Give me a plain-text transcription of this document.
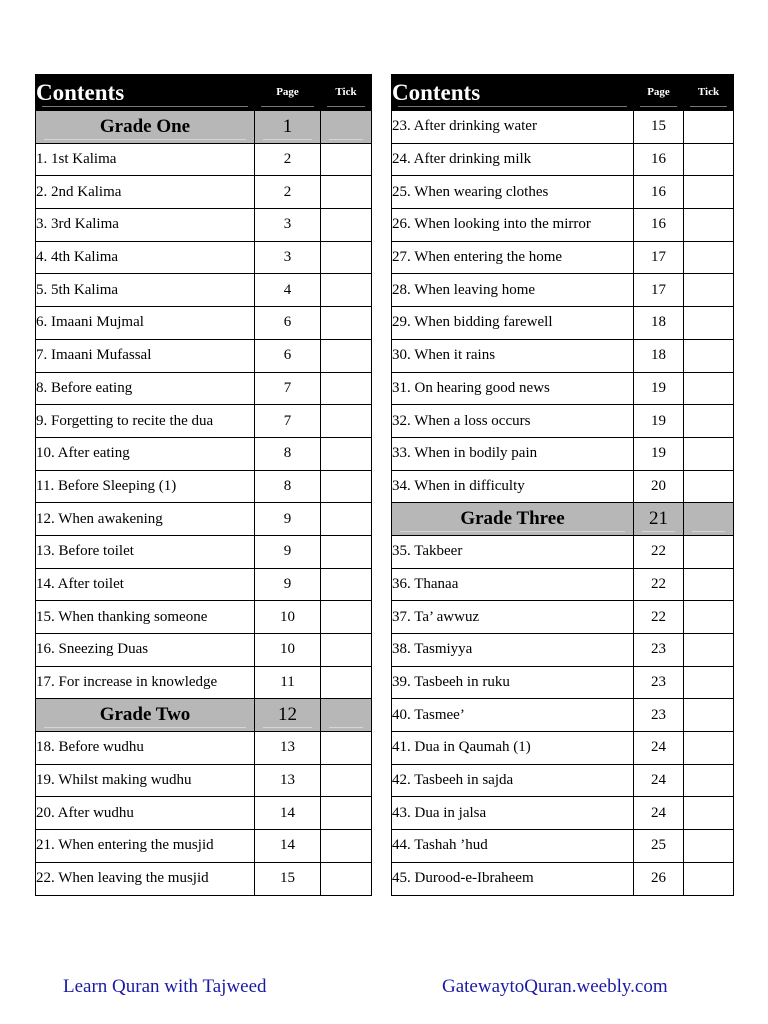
Contents	Page	Tick
Grade One	1

1. 1st Kalima	2	
2. 2nd Kalima	2	
3. 3rd Kalima	3	
4. 4th Kalima	3	
5. 5th Kalima	4	
6. Imaani Mujmal	6	
7. Imaani Mufassal	6	
8. Before eating	7	
9. Forgetting to recite the dua	7	
10. After eating	8	
11. Before Sleeping (1)	8	
12. When awakening	9	
13. Before toilet	9	
14. After toilet	9	
15. When thanking someone	10	
16. Sneezing Duas	10	
17. For increase in knowledge	11	
Grade Two	12

18. Before wudhu	13	
19. Whilst making wudhu	13	
20. After wudhu	14	
21. When entering the musjid	14	
22. When leaving the musjid	15	
Contents	Page	Tick
23. After drinking water	15	
24. After drinking milk	16	
25. When wearing clothes	16	
26. When looking into the mirror	16	
27. When entering the home	17	
28. When leaving home	17	
29. When bidding farewell	18	
30. When it rains	18	
31. On hearing good news	19	
32. When a loss occurs	19	
33. When in bodily pain	19	
34. When in difficulty	20	
Grade Three	21

35. Takbeer	22	
36. Thanaa	22	
37. Ta’ awwuz	22	
38. Tasmiyya	23	
39. Tasbeeh in ruku	23	
40. Tasmee’	23	
41. Dua in Qaumah (1)	24	
42. Tasbeeh in sajda	24	
43. Dua in jalsa	24	
44. Tashah ’hud	25	
45. Durood-e-Ibraheem	26	
Learn Quran with Tajweed	GatewaytoQuran.weebly.com
